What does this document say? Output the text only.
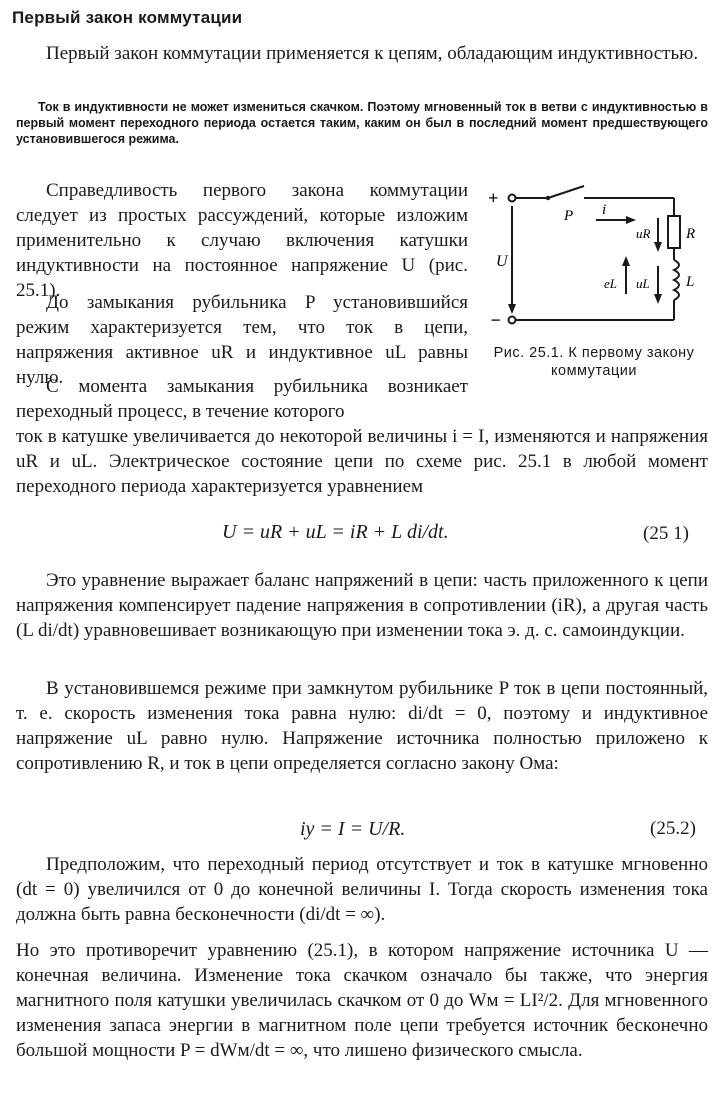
Первый закон коммутации

Первый закон коммутации применяется к цепям, обладающим индуктивностью.

Ток в индуктивности не может измениться скачком. Поэтому мгновенный ток в ветви с индуктивностью в первый момент переходного периода остается таким, каким он был в последний момент предшествующего установившегося режима.

Справедливость первого закона коммутации следует из простых рассуждений, которые изложим применительно к случаю включения катушки индуктивности на постоянное напряжение U (рис. 25.1).

До замыкания рубильника P установившийся режим характеризуется тем, что ток в цепи, напряжения активное uR и индуктивное uL равны нулю.

С момента замыкания рубильника возникает переходный процесс, в течение которого

ток в катушке увеличивается до некоторой величины i = I, изменяются и напряжения uR и uL. Электрическое состояние цепи по схеме рис. 25.1 в любой момент переходного периода характеризуется уравнением

U = uR + uL = iR + L di/dt.	(25 1)

Это уравнение выражает баланс напряжений в цепи: часть приложенного к цепи напряжения компенсирует падение напряжения в сопротивлении (iR), а другая часть (L di/dt) уравновешивает возникающую при изменении тока э. д. с. самоиндукции.

В установившемся режиме при замкнутом рубильнике P ток в цепи постоянный, т. е. скорость изменения тока равна нулю: di/dt = 0, поэтому и индуктивное напряжение uL равно нулю. Напряжение источника полностью приложено к сопротивлению R, и ток в цепи определяется согласно закону Ома:

iу = I = U/R.	(25.2)

Предположим, что переходный период отсутствует и ток в катушке мгновенно (dt = 0) увеличился от 0 до конечной величины I. Тогда скорость изменения тока должна быть равна бесконечности (di/dt = ∞).

Но это противоречит уравнению (25.1), в котором напряжение источника U — конечная величина. Изменение тока скачком означало бы также, что энергия магнитного поля катушки увеличилась скачком от 0 до Wм = LI²/2. Для мгновенного изменения запаса энергии в магнитном поле цепи требуется источник бесконечно большой мощности P = dWм/dt = ∞, что лишено физического смысла.

+
−
P i
U
R
uR
uL
eL	L
Рис. 25.1. К первому закону коммутации
